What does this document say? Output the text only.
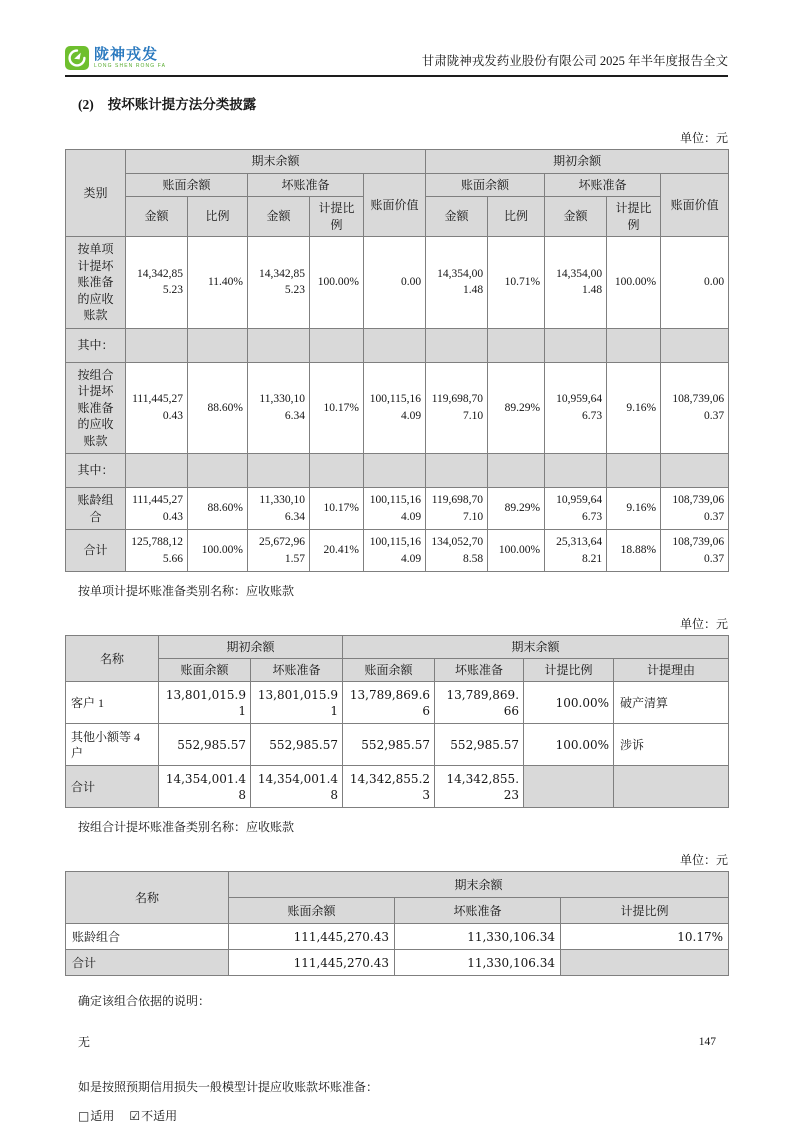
陇神戎发
LONG SHEN RONG FA	甘肃陇神戎发药业股份有限公司 2025 年半年度报告全文
(2) 按坏账计提方法分类披露
单位：元
类别	期末余额					期初余额				
	账面余额		坏账准备		账面价值	账面余额		坏账准备		账面价值
	金额	比例	金额	计提比例		金额	比例	金额	计提比例	
按单项计提坏账准备的应收账款	14,342,855.23	11.40%	14,342,855.23	100.00%	0.00	14,354,001.48	10.71%	14,354,001.48	100.00%	0.00
其中：										
按组合计提坏账准备的应收账款	111,445,270.43	88.60%	11,330,106.34	10.17%	100,115,164.09	119,698,707.10	89.29%	10,959,646.73	9.16%	108,739,060.37
其中：										
账龄组合	111,445,270.43	88.60%	11,330,106.34	10.17%	100,115,164.09	119,698,707.10	89.29%	10,959,646.73	9.16%	108,739,060.37
合计	125,788,125.66	100.00%	25,672,961.57	20.41%	100,115,164.09	134,052,708.58	100.00%	25,313,648.21	18.88%	108,739,060.37
按单项计提坏账准备类别名称：应收账款
单位：元
名称	期初余额		期末余额			
	账面余额	坏账准备	账面余额	坏账准备	计提比例	计提理由
客户 1	13,801,015.91	13,801,015.91	13,789,869.66	13,789,869.66	100.00%	破产清算
其他小额等 4 户	552,985.57	552,985.57	552,985.57	552,985.57	100.00%	涉诉
合计	14,354,001.48	14,354,001.48	14,342,855.23	14,342,855.23		
按组合计提坏账准备类别名称：应收账款
单位：元
名称	期末余额		
	账面余额	坏账准备	计提比例
账龄组合	111,445,270.43	11,330,106.34	10.17%
合计	111,445,270.43	11,330,106.34	
确定该组合依据的说明：
无
如是按照预期信用损失一般模型计提应收账款坏账准备：
□适用 ☑不适用
147
